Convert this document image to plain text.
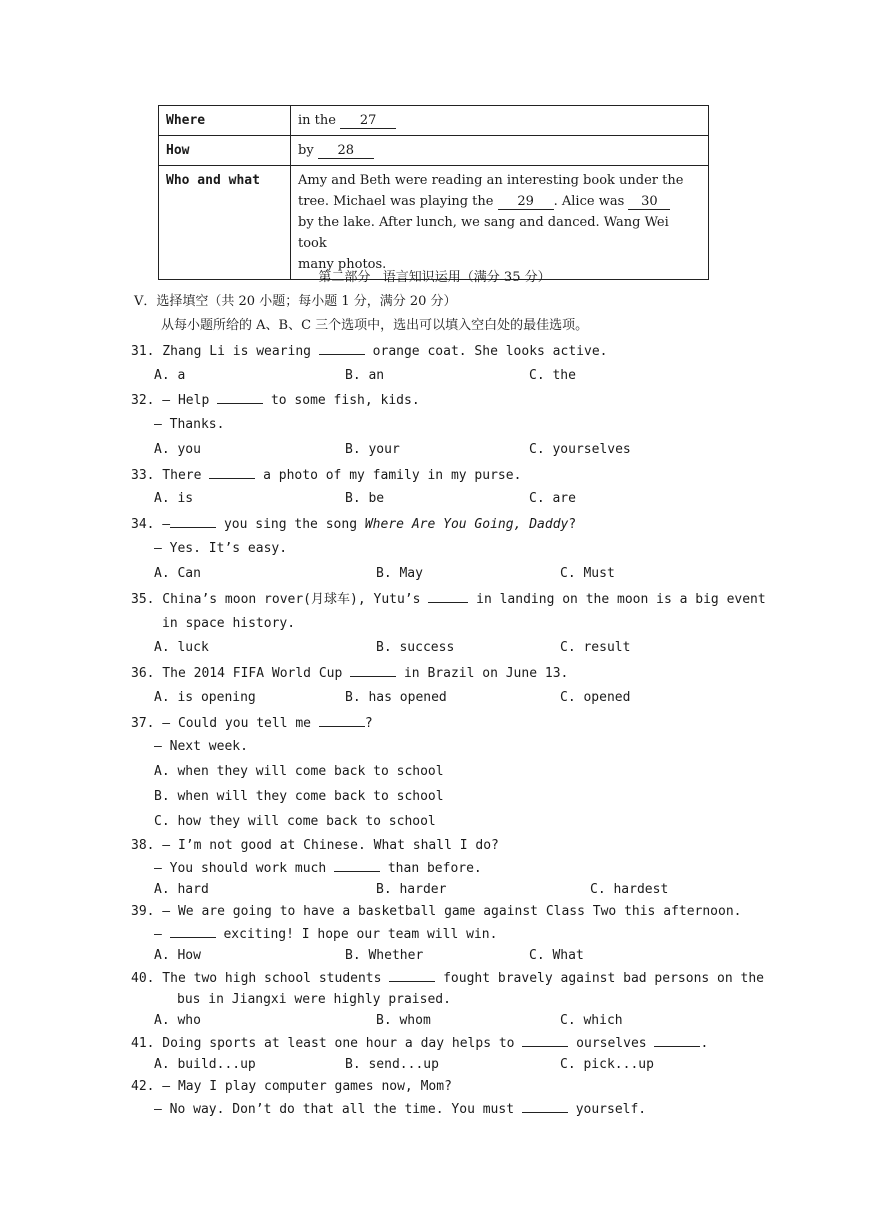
Where	in the 27
How	by 28
Who and what	Amy and Beth were reading an interesting book under the
tree. Michael was playing the 29 . Alice was 30
by the lake. After lunch, we sang and danced. Wang Wei took
many photos.
第二部分   语言知识运用（满分 35 分）
V．选择填空（共 20 小题；每小题 1 分，满分 20 分）
从每小题所给的 A、B、C 三个选项中，选出可以填入空白处的最佳选项。
31. Zhang Li is wearing	orange coat. She looks active.
A. a	B. an	C. the
32. — Help	to some fish, kids.
— Thanks.
A. you	B. your	C. yourselves
33. There	a photo of my family in my purse.
A. is	B. be	C. are
34. —	you sing the song Where Are You Going, Daddy?
— Yes. It’s easy.
A. Can	B. May	C. Must
35. China’s moon rover(月球车), Yutu’s	in landing on the moon is a big event
in space history.
A. luck	B. success	C. result
36. The 2014 FIFA World Cup	in Brazil on June 13.
A. is opening	B. has opened	C. opened
37. — Could you tell me	?
— Next week.
A. when they will come back to school
B. when will they come back to school
C. how they will come back to school
38. — I’m not good at Chinese. What shall I do?
— You should work much	than before.
A. hard	B. harder	C. hardest
39. — We are going to have a basketball game against Class Two this afternoon.
—	exciting! I hope our team will win.
A. How	B. Whether	C. What
40. The two high school students	fought bravely against bad persons on the
bus in Jiangxi were highly praised.
A. who	B. whom	C. which
41. Doing sports at least one hour a day helps to	ourselves	.
A. build...up	B. send...up	C. pick...up
42. — May I play computer games now, Mom?
— No way. Don’t do that all the time. You must	yourself.
